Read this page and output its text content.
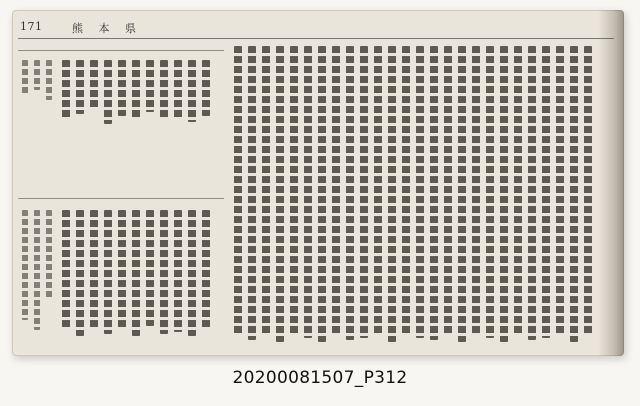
171	熊 本 県
20200081507_P312
